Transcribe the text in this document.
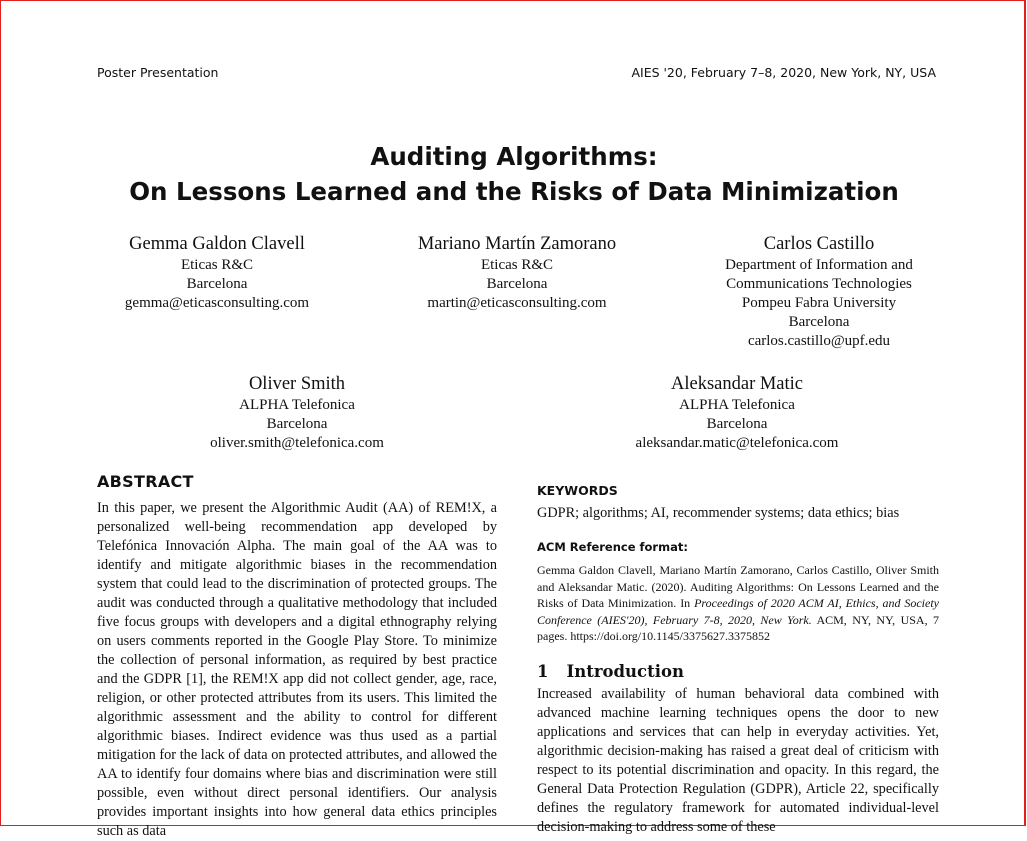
Poster Presentation	AIES '20, February 7–8, 2020, New York, NY, USA
Auditing Algorithms:
On Lessons Learned and the Risks of Data Minimization
Gemma Galdon Clavell
Eticas R&C
Barcelona
gemma@eticasconsulting.com
Mariano Martín Zamorano
Eticas R&C
Barcelona
martin@eticasconsulting.com
Carlos Castillo
Department of Information and
Communications Technologies
Pompeu Fabra University
Barcelona
carlos.castillo@upf.edu
Oliver Smith
ALPHA Telefonica
Barcelona
oliver.smith@telefonica.com
Aleksandar Matic
ALPHA Telefonica
Barcelona
aleksandar.matic@telefonica.com
ABSTRACT
In this paper, we present the Algorithmic Audit (AA) of REM!X, a personalized well-being recommendation app developed by Telefónica Innovación Alpha. The main goal of the AA was to identify and mitigate algorithmic biases in the recommendation system that could lead to the discrimination of protected groups. The audit was conducted through a qualitative methodology that included five focus groups with developers and a digital ethnography relying on users comments reported in the Google Play Store. To minimize the collection of personal information, as required by best practice and the GDPR [1], the REM!X app did not collect gender, age, race, religion, or other protected attributes from its users. This limited the algorithmic assessment and the ability to control for different algorithmic biases. Indirect evidence was thus used as a partial mitigation for the lack of data on protected attributes, and allowed the AA to identify four domains where bias and discrimination were still possible, even without direct personal identifiers. Our analysis provides important insights into how general data ethics principles such as data
KEYWORDS
GDPR; algorithms; AI, recommender systems; data ethics; bias
ACM Reference format:
Gemma Galdon Clavell, Mariano Martín Zamorano, Carlos Castillo, Oliver Smith and Aleksandar Matic. (2020). Auditing Algorithms: On Lessons Learned and the Risks of Data Minimization. In Proceedings of 2020 ACM AI, Ethics, and Society Conference (AIES'20), February 7-8, 2020, New York. ACM, NY, NY, USA, 7 pages. https://doi.org/10.1145/3375627.3375852
1 Introduction
Increased availability of human behavioral data combined with advanced machine learning techniques opens the door to new applications and services that can help in everyday activities. Yet, algorithmic decision-making has raised a great deal of criticism with respect to its potential discrimination and opacity. In this regard, the General Data Protection Regulation (GDPR), Article 22, specifically defines the regulatory framework for automated individual-level decision-making to address some of these
